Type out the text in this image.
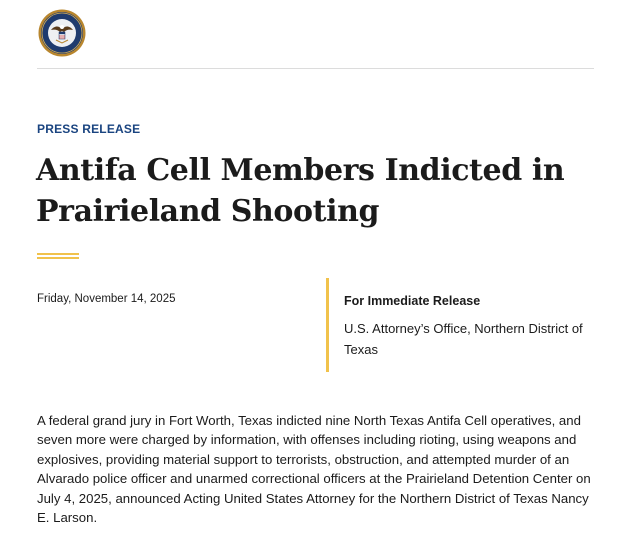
PRESS RELEASE
Antifa Cell Members Indicted in Prairieland Shooting
Friday, November 14, 2025	For Immediate Release
U.S. Attorney’s Office, Northern District of Texas

A federal grand jury in Fort Worth, Texas indicted nine North Texas Antifa Cell operatives, and seven more were charged by information, with offenses including rioting, using weapons and explosives, providing material support to terrorists, obstruction, and attempted murder of an Alvarado police officer and unarmed correctional officers at the Prairieland Detention Center on July 4, 2025, announced Acting United States Attorney for the Northern District of Texas Nancy E. Larson.
